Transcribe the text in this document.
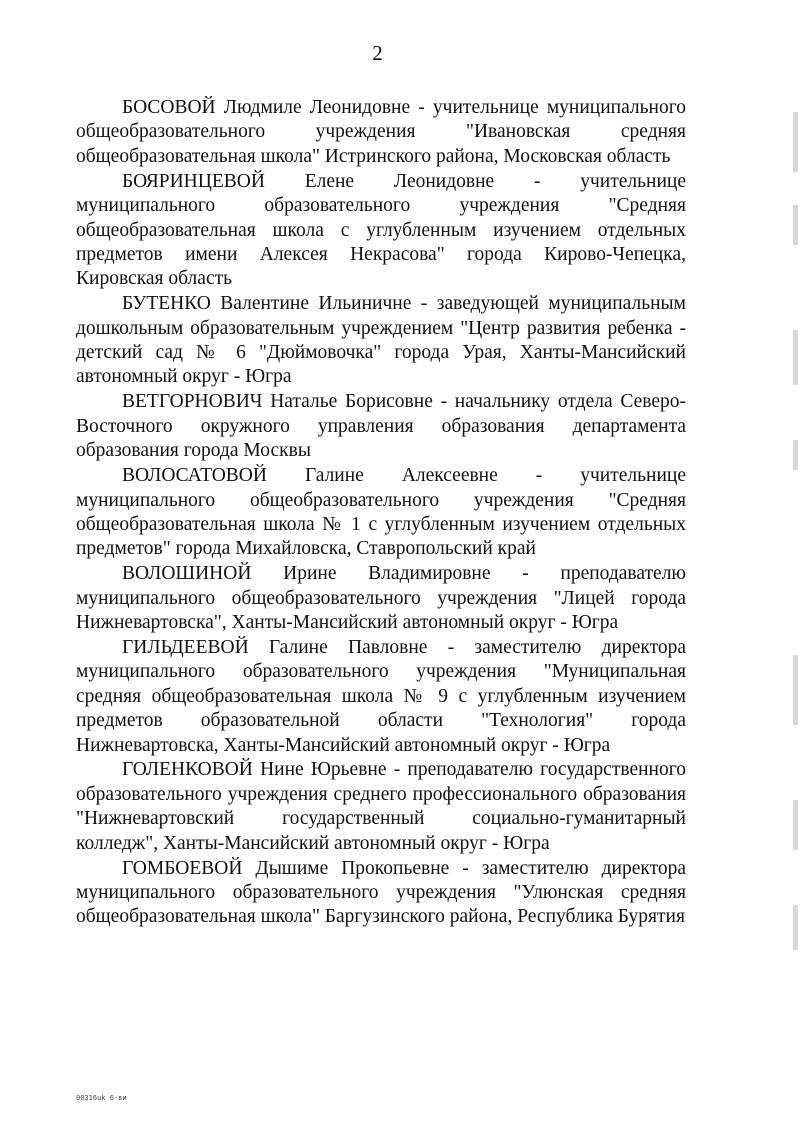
2

БОСОВОЙ Людмиле Леонидовне - учительнице муниципального общеобразовательного учреждения "Ивановская средняя общеобразовательная школа" Истринского района, Московская область

БОЯРИНЦЕВОЙ Елене Леонидовне - учительнице муниципального образовательного учреждения "Средняя общеобразовательная школа с углубленным изучением отдельных предметов имени Алексея Некрасова" города Кирово-Чепецка, Кировская область

БУТЕНКО Валентине Ильиничне - заведующей муниципальным дошкольным образовательным учреждением "Центр развития ребенка - детский сад № 6 "Дюймовочка" города Урая, Ханты-Мансийский автономный округ - Югра

ВЕТГОРНОВИЧ Наталье Борисовне - начальнику отдела Северо-Восточного окружного управления образования департамента образования города Москвы

ВОЛОСАТОВОЙ Галине Алексеевне - учительнице муниципального общеобразовательного учреждения "Средняя общеобразовательная школа № 1 с углубленным изучением отдельных предметов" города Михайловска, Ставропольский край

ВОЛОШИНОЙ Ирине Владимировне - преподавателю муниципального общеобразовательного учреждения "Лицей города Нижневартовска", Ханты-Мансийский автономный округ - Югра

ГИЛЬДЕЕВОЙ Галине Павловне - заместителю директора муниципального образовательного учреждения "Муниципальная средняя общеобразовательная школа № 9 с углубленным изучением предметов образовательной области "Технология" города Нижневартовска, Ханты-Мансийский автономный округ - Югра

ГОЛЕНКОВОЙ Нине Юрьевне - преподавателю государственного образовательного учреждения среднего профессионального образования "Нижневартовский государственный социально-гуманитарный колледж", Ханты-Мансийский автономный округ - Югра

ГОМБОЕВОЙ Дышиме Прокопьевне - заместителю директора муниципального образовательного учреждения "Улюнская средняя общеобразовательная школа" Баргузинского района, Республика Бурятия

00316uk 6-ви
